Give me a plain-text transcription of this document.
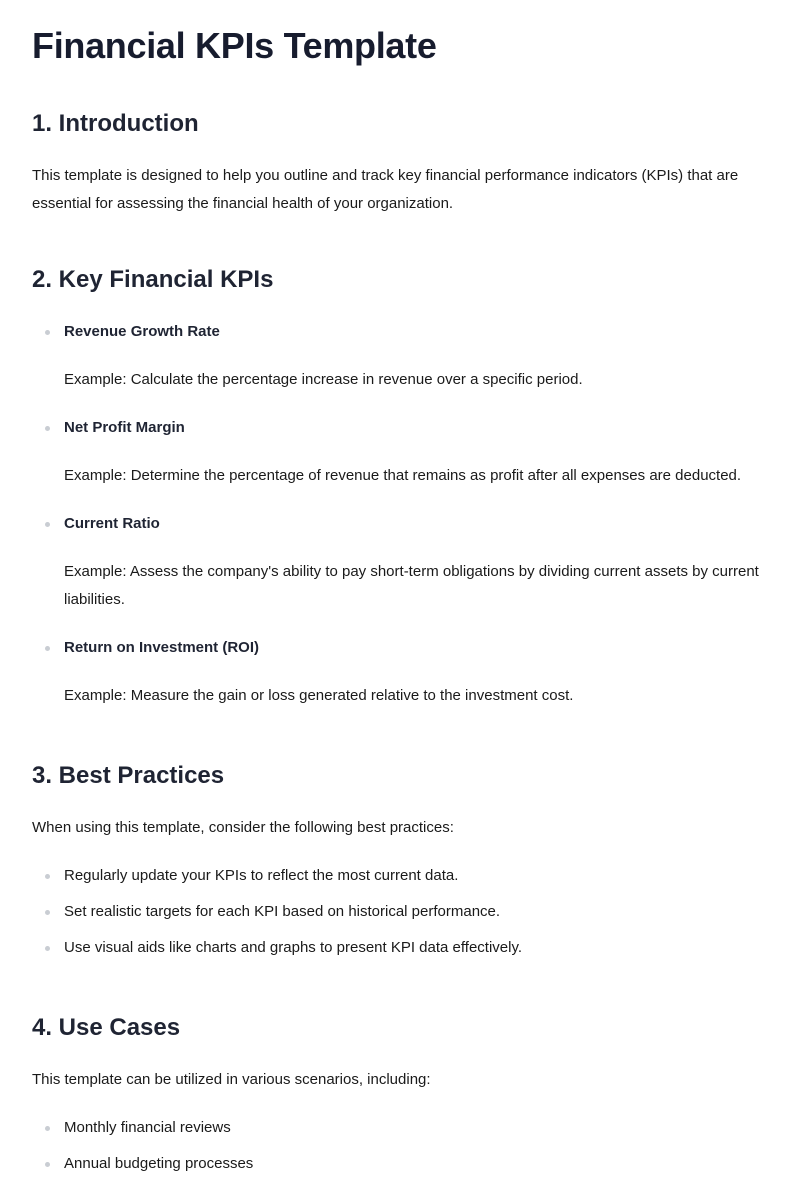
Financial KPIs Template
1. Introduction

This template is designed to help you outline and track key financial performance indicators (KPIs) that are essential for assessing the financial health of your organization.

2. Key Financial KPIs
Revenue Growth Rate
Example: Calculate the percentage increase in revenue over a specific period.
Net Profit Margin
Example: Determine the percentage of revenue that remains as profit after all expenses are deducted.
Current Ratio
Example: Assess the company's ability to pay short-term obligations by dividing current assets by current liabilities.
Return on Investment (ROI)
Example: Measure the gain or loss generated relative to the investment cost.
3. Best Practices

When using this template, consider the following best practices:

Regularly update your KPIs to reflect the most current data.
Set realistic targets for each KPI based on historical performance.
Use visual aids like charts and graphs to present KPI data effectively.
4. Use Cases

This template can be utilized in various scenarios, including:

Monthly financial reviews
Annual budgeting processes
